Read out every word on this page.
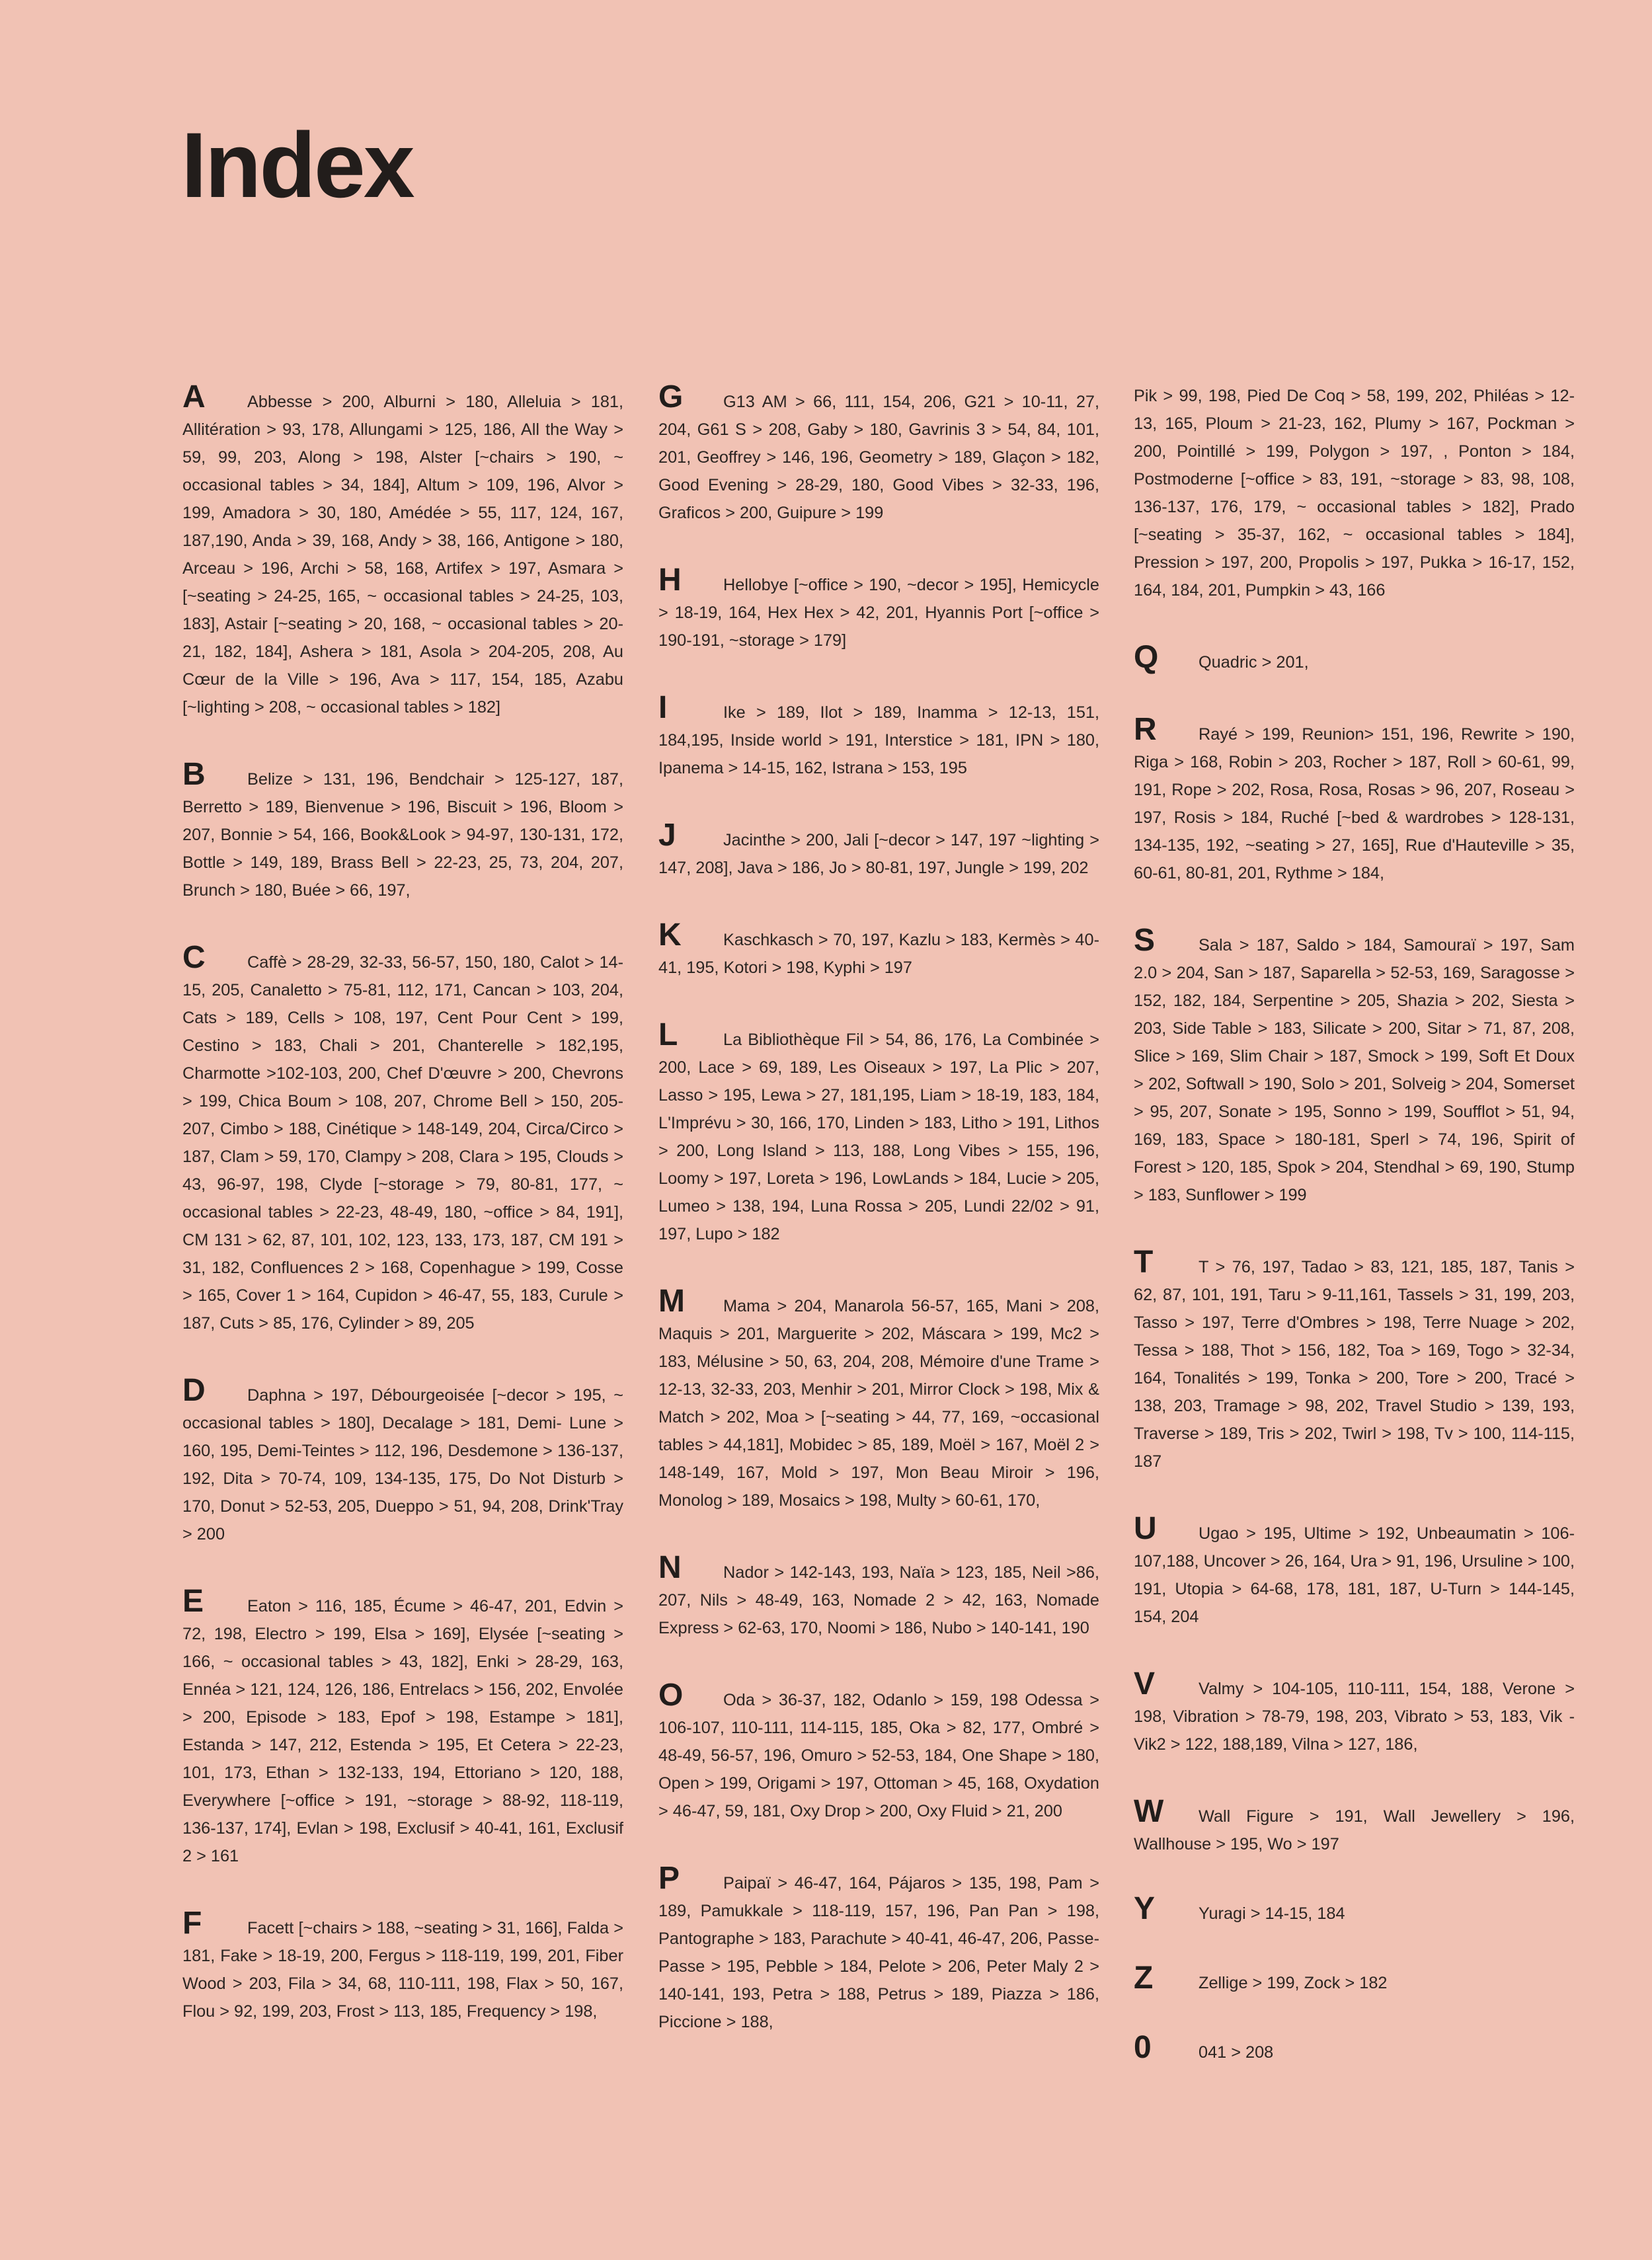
Index

A	Abbesse > 200, Alburni > 180, Alleluia > 181, Allitération > 93, 178, Allungami > 125, 186, All the Way > 59, 99, 203, Along > 198, Alster [~chairs > 190, ~ occasional tables > 34, 184], Altum > 109, 196, Alvor > 199, Amadora > 30, 180, Amédée > 55, 117, 124, 167, 187,190, Anda > 39, 168, Andy > 38, 166, Antigone > 180, Arceau > 196, Archi > 58, 168, Artifex > 197, Asmara > [~seating > 24-25, 165, ~ occasional tables > 24-25, 103, 183], Astair [~seating > 20, 168, ~ occasional tables > 20-21, 182, 184], Ashera > 181, Asola > 204-205, 208, Au Cœur de la Ville > 196, Ava > 117, 154, 185, Azabu [~lighting > 208, ~ occasional tables > 182]

B	Belize > 131, 196, Bendchair > 125-127, 187, Berretto > 189, Bienvenue > 196, Biscuit > 196, Bloom > 207, Bonnie > 54, 166, Book&Look > 94-97, 130-131, 172, Bottle > 149, 189, Brass Bell > 22-23, 25, 73, 204, 207, Brunch > 180, Buée > 66, 197,

C	Caffè > 28-29, 32-33, 56-57, 150, 180, Calot > 14-15, 205, Canaletto > 75-81, 112, 171, Cancan > 103, 204, Cats > 189, Cells > 108, 197, Cent Pour Cent > 199, Cestino > 183, Chali > 201, Chanterelle > 182,195, Charmotte >102-103, 200, Chef D'œuvre > 200, Chevrons > 199, Chica Boum > 108, 207, Chrome Bell > 150, 205-207, Cimbo > 188, Cinétique > 148-149, 204, Circa/Circo > 187, Clam > 59, 170, Clampy > 208, Clara > 195, Clouds > 43, 96-97, 198, Clyde [~storage > 79, 80-81, 177, ~ occasional tables > 22-23, 48-49, 180, ~office > 84, 191], CM 131 > 62, 87, 101, 102, 123, 133, 173, 187, CM 191 > 31, 182, Confluences 2 > 168, Copenhague > 199, Cosse > 165, Cover 1 > 164, Cupidon > 46-47, 55, 183, Curule > 187, Cuts > 85, 176, Cylinder > 89, 205

D	Daphna > 197, Débourgeoisée [~decor > 195, ~ occasional tables > 180], Decalage > 181, Demi- Lune > 160, 195, Demi-Teintes > 112, 196, Desdemone > 136-137, 192, Dita > 70-74, 109, 134-135, 175, Do Not Disturb > 170, Donut > 52-53, 205, Dueppo > 51, 94, 208, Drink'Tray > 200

E	Eaton > 116, 185, Écume > 46-47, 201, Edvin > 72, 198, Electro > 199, Elsa > 169], Elysée [~seating > 166, ~ occasional tables > 43, 182], Enki > 28-29, 163, Ennéa > 121, 124, 126, 186, Entrelacs > 156, 202, Envolée > 200, Episode > 183, Epof > 198, Estampe > 181], Estanda > 147, 212, Estenda > 195, Et Cetera > 22-23, 101, 173, Ethan > 132-133, 194, Ettoriano > 120, 188, Everywhere [~office > 191, ~storage > 88-92, 118-119, 136-137, 174], Evlan > 198, Exclusif > 40-41, 161, Exclusif 2 > 161

F	Facett [~chairs > 188, ~seating > 31, 166], Falda > 181, Fake > 18-19, 200, Fergus > 118-119, 199, 201, Fiber Wood > 203, Fila > 34, 68, 110-111, 198, Flax > 50, 167, Flou > 92, 199, 203, Frost > 113, 185, Frequency > 198,

G G13 AM > 66, 111, 154, 206, G21 > 10-11, 27, 204, G61 S > 208, Gaby > 180, Gavrinis 3 > 54, 84, 101, 201, Geoffrey > 146, 196, Geometry > 189, Glaçon > 182, Good Evening > 28-29, 180, Good Vibes > 32-33, 196, Graficos > 200, Guipure > 199

H	Hellobye [~office > 190, ~decor > 195], Hemicycle > 18-19, 164, Hex Hex > 42, 201, Hyannis Port [~office > 190-191, ~storage > 179]

I	Ike > 189, Ilot > 189, Inamma > 12-13, 151, 184,195, Inside world > 191, Interstice > 181, IPN > 180, Ipanema > 14-15, 162, Istrana > 153, 195

J	Jacinthe > 200, Jali [~decor > 147, 197 ~lighting > 147, 208], Java > 186, Jo > 80-81, 197, Jungle > 199, 202

K	Kaschkasch > 70, 197, Kazlu > 183, Kermès > 40-41, 195, Kotori > 198, Kyphi > 197

L	La Bibliothèque Fil > 54, 86, 176, La Combinée > 200, Lace > 69, 189, Les Oiseaux > 197, La Plic > 207, Lasso > 195, Lewa > 27, 181,195, Liam > 18-19, 183, 184, L'Imprévu > 30, 166, 170, Linden > 183, Litho > 191, Lithos > 200, Long Island > 113, 188, Long Vibes > 155, 196, Loomy > 197, Loreta > 196, LowLands > 184, Lucie > 205, Lumeo > 138, 194, Luna Rossa > 205, Lundi 22/02 > 91, 197, Lupo > 182

M Mama > 204, Manarola 56-57, 165, Mani > 208, Maquis > 201, Marguerite > 202, Máscara > 199, Mc2 > 183, Mélusine > 50, 63, 204, 208, Mémoire d'une Trame > 12-13, 32-33, 203, Menhir > 201, Mirror Clock > 198, Mix & Match > 202, Moa > [~seating > 44, 77, 169, ~occasional tables > 44,181], Mobidec > 85, 189, Moël > 167, Moël 2 > 148-149, 167, Mold > 197, Mon Beau Miroir > 196, Monolog > 189, Mosaics > 198, Multy > 60-61, 170,

N	Nador > 142-143, 193, Naïa > 123, 185, Neil >86, 207, Nils > 48-49, 163, Nomade 2 > 42, 163, Nomade Express > 62-63, 170, Noomi > 186, Nubo > 140-141, 190

O Oda > 36-37, 182, Odanlo > 159, 198 Odessa > 106-107, 110-111, 114-115, 185, Oka > 82, 177, Ombré > 48-49, 56-57, 196, Omuro > 52-53, 184, One Shape > 180, Open > 199, Origami > 197, Ottoman > 45, 168, Oxydation > 46-47, 59, 181, Oxy Drop > 200, Oxy Fluid > 21, 200

P	Paipaï > 46-47, 164, Pájaros > 135, 198, Pam > 189, Pamukkale > 118-119, 157, 196, Pan Pan > 198, Pantographe > 183, Parachute > 40-41, 46-47, 206, Passe-Passe > 195, Pebble > 184, Pelote > 206, Peter Maly 2 > 140-141, 193, Petra > 188, Petrus > 189, Piazza > 186, Piccione > 188,

Pik > 99, 198, Pied De Coq > 58, 199, 202, Philéas > 12-13, 165, Ploum > 21-23, 162, Plumy > 167, Pockman > 200, Pointillé > 199, Polygon > 197, , Ponton > 184, Postmoderne [~office > 83, 191, ~storage > 83, 98, 108, 136-137, 176, 179, ~ occasional tables > 182], Prado [~seating > 35-37, 162, ~ occasional tables > 184], Pression > 197, 200, Propolis > 197, Pukka > 16-17, 152, 164, 184, 201, Pumpkin > 43, 166

Q Quadric > 201,

R	Rayé > 199, Reunion> 151, 196, Rewrite > 190, Riga > 168, Robin > 203, Rocher > 187, Roll > 60-61, 99, 191, Rope > 202, Rosa, Rosa, Rosas > 96, 207, Roseau > 197, Rosis > 184, Ruché [~bed & wardrobes > 128-131, 134-135, 192, ~seating > 27, 165], Rue d'Hauteville > 35, 60-61, 80-81, 201, Rythme > 184,

S	Sala > 187, Saldo > 184, Samouraï > 197, Sam 2.0 > 204, San > 187, Saparella > 52-53, 169, Saragosse > 152, 182, 184, Serpentine > 205, Shazia > 202, Siesta > 203, Side Table > 183, Silicate > 200, Sitar > 71, 87, 208, Slice > 169, Slim Chair > 187, Smock > 199, Soft Et Doux > 202, Softwall > 190, Solo > 201, Solveig > 204, Somerset > 95, 207, Sonate > 195, Sonno > 199, Soufflot > 51, 94, 169, 183, Space > 180-181, Sperl > 74, 196, Spirit of Forest > 120, 185, Spok > 204, Stendhal > 69, 190, Stump > 183, Sunflower > 199

T	T > 76, 197, Tadao > 83, 121, 185, 187, Tanis > 62, 87, 101, 191, Taru > 9-11,161, Tassels > 31, 199, 203, Tasso > 197, Terre d'Ombres > 198, Terre Nuage > 202, Tessa > 188, Thot > 156, 182, Toa > 169, Togo > 32-34, 164, Tonalités > 199, Tonka > 200, Tore > 200, Tracé > 138, 203, Tramage > 98, 202, Travel Studio > 139, 193, Traverse > 189, Tris > 202, Twirl > 198, Tv > 100, 114-115, 187

U	Ugao > 195, Ultime > 192, Unbeaumatin > 106-107,188, Uncover > 26, 164, Ura > 91, 196, Ursuline > 100, 191, Utopia > 64-68, 178, 181, 187, U-Turn > 144-145, 154, 204

V	Valmy > 104-105, 110-111, 154, 188, Verone > 198, Vibration > 78-79, 198, 203, Vibrato > 53, 183, Vik - Vik2 > 122, 188,189, Vilna > 127, 186,

W Wall Figure > 191, Wall Jewellery > 196, Wallhouse > 195, Wo > 197

Y	Yuragi > 14-15, 184

Z	Zellige > 199, Zock > 182

0	041 > 208
